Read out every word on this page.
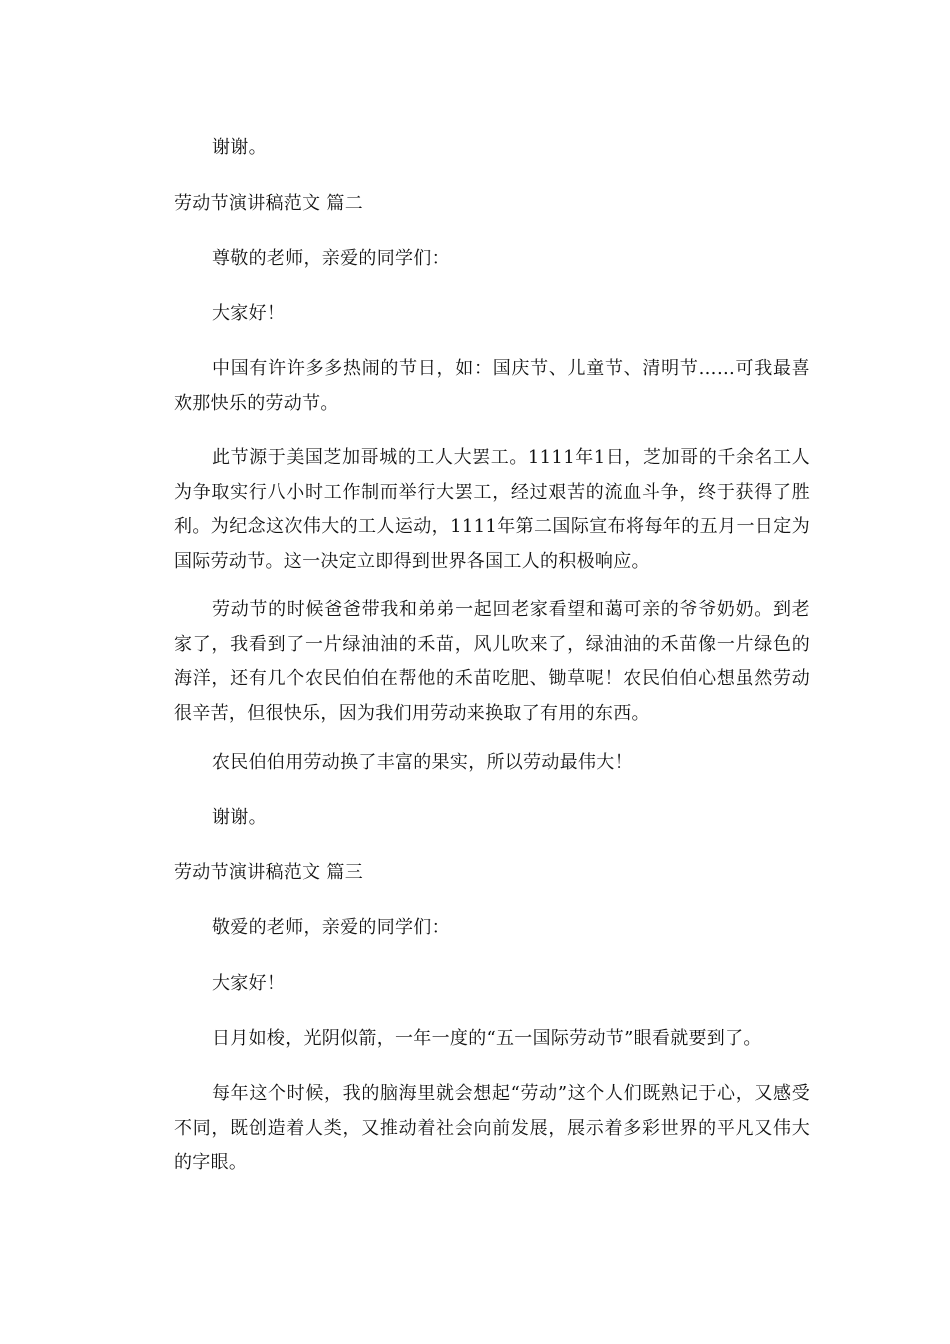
谢谢。

劳动节演讲稿范文 篇二

尊敬的老师，亲爱的同学们：

大家好！

中国有许许多多热闹的节日，如：国庆节、儿童节、清明节……可我最喜欢那快乐的劳动节。

此节源于美国芝加哥城的工人大罢工。1111年1日，芝加哥的千余名工人为争取实行八小时工作制而举行大罢工，经过艰苦的流血斗争，终于获得了胜利。为纪念这次伟大的工人运动，1111年第二国际宣布将每年的五月一日定为国际劳动节。这一决定立即得到世界各国工人的积极响应。

劳动节的时候爸爸带我和弟弟一起回老家看望和蔼可亲的爷爷奶奶。到老家了，我看到了一片绿油油的禾苗，风儿吹来了，绿油油的禾苗像一片绿色的海洋，还有几个农民伯伯在帮他的禾苗吃肥、锄草呢！农民伯伯心想虽然劳动很辛苦，但很快乐，因为我们用劳动来换取了有用的东西。

农民伯伯用劳动换了丰富的果实，所以劳动最伟大！

谢谢。

劳动节演讲稿范文 篇三

敬爱的老师，亲爱的同学们：

大家好！

日月如梭，光阴似箭，一年一度的“五一国际劳动节”眼看就要到了。

每年这个时候，我的脑海里就会想起“劳动”这个人们既熟记于心，又感受不同，既创造着人类，又推动着社会向前发展，展示着多彩世界的平凡又伟大的字眼。
